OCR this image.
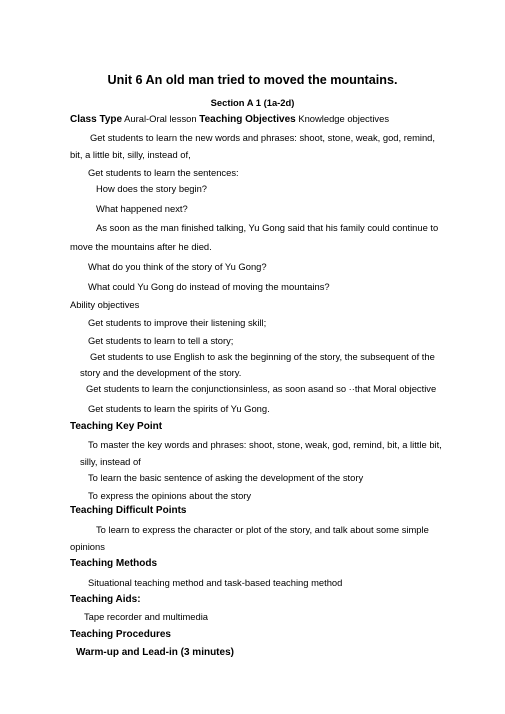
Unit 6 An old man tried to moved the mountains.
Section A 1 (1a-2d)
Class Type Aural-Oral lesson Teaching Objectives Knowledge objectives
Get students to learn the new words and phrases: shoot, stone, weak, god, remind,
bit, a little bit, silly, instead of,
Get students to learn the sentences:
How does the story begin?
What happened next?
As soon as the man finished talking, Yu Gong said that his family could continue to
move the mountains after he died.
What do you think of the story of Yu Gong?
What could Yu Gong do instead of moving the mountains?
Ability objectives
Get students to improve their listening skill;
Get students to learn to tell a story;
Get students to use English to ask the beginning of the story, the subsequent of the
story and the development of the story.
Get students to learn the conjunctionsinless, as soon asand so ··that Moral objective
Get students to learn the spirits of Yu Gong.
Teaching Key Point
To master the key words and phrases: shoot, stone, weak, god, remind, bit, a little bit,
silly, instead of
To learn the basic sentence of asking the development of the story
To express the opinions about the story
Teaching Difficult Points
To learn to express the character or plot of the story, and talk about some simple
opinions
Teaching Methods
Situational teaching method and task-based teaching method
Teaching Aids:
Tape recorder and multimedia
Teaching Procedures
Warm-up and Lead-in (3 minutes)
